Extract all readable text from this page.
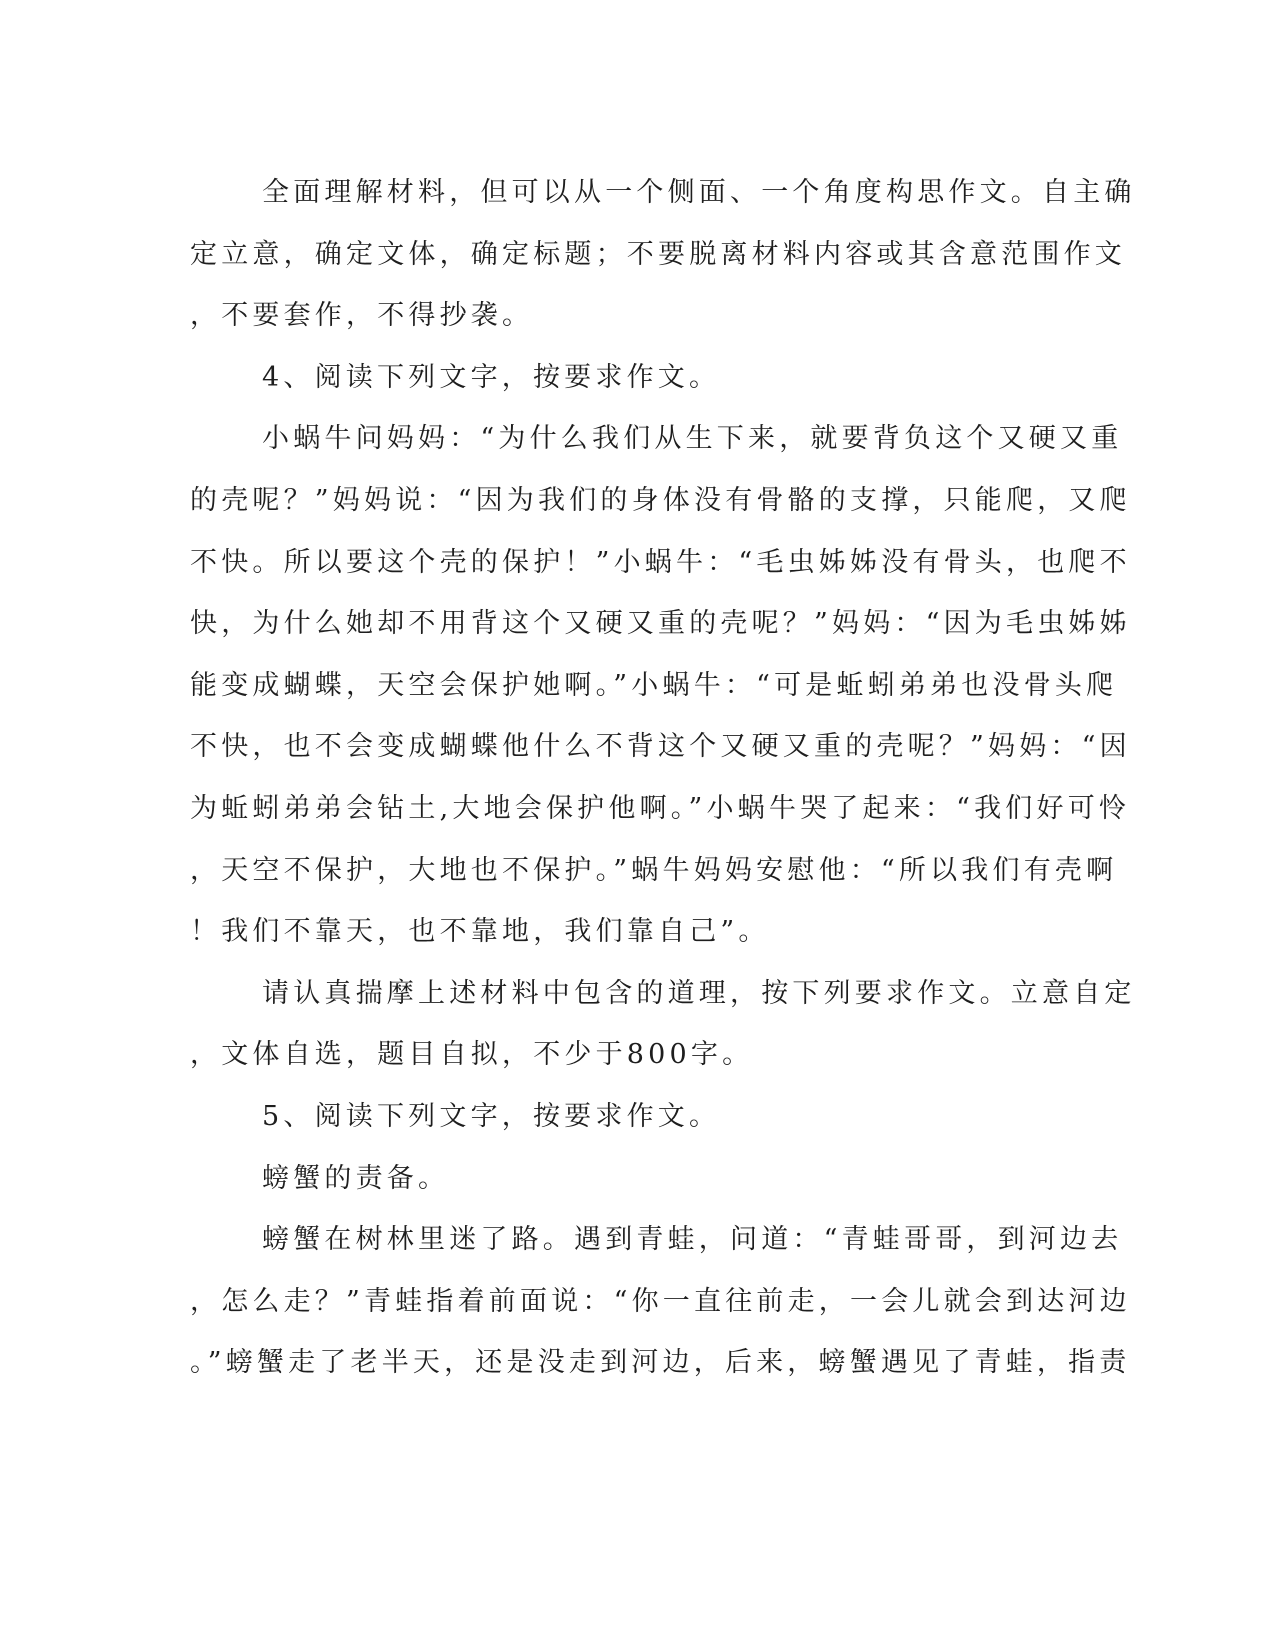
全面理解材料，但可以从一个侧面、一个角度构思作文。自主确
定立意，确定文体，确定标题；不要脱离材料内容或其含意范围作文
，不要套作，不得抄袭。
4、阅读下列文字，按要求作文。
小蜗牛问妈妈：“为什么我们从生下来，就要背负这个又硬又重
的壳呢？”妈妈说：“因为我们的身体没有骨骼的支撑，只能爬，又爬
不快。所以要这个壳的保护！”小蜗牛：“毛虫姊姊没有骨头，也爬不
快，为什么她却不用背这个又硬又重的壳呢？”妈妈：“因为毛虫姊姊
能变成蝴蝶，天空会保护她啊。”小蜗牛：“可是蚯蚓弟弟也没骨头爬
不快，也不会变成蝴蝶他什么不背这个又硬又重的壳呢？”妈妈：“因
为蚯蚓弟弟会钻土,大地会保护他啊。”小蜗牛哭了起来：“我们好可怜
，天空不保护，大地也不保护。”蜗牛妈妈安慰他：“所以我们有壳啊
！我们不靠天，也不靠地，我们靠自己”。
请认真揣摩上述材料中包含的道理，按下列要求作文。立意自定
，文体自选，题目自拟，不少于800字。
5、阅读下列文字，按要求作文。
螃蟹的责备。
螃蟹在树林里迷了路。遇到青蛙，问道：“青蛙哥哥，到河边去
，怎么走？”青蛙指着前面说：“你一直往前走，一会儿就会到达河边
。”螃蟹走了老半天，还是没走到河边，后来，螃蟹遇见了青蛙，指责
